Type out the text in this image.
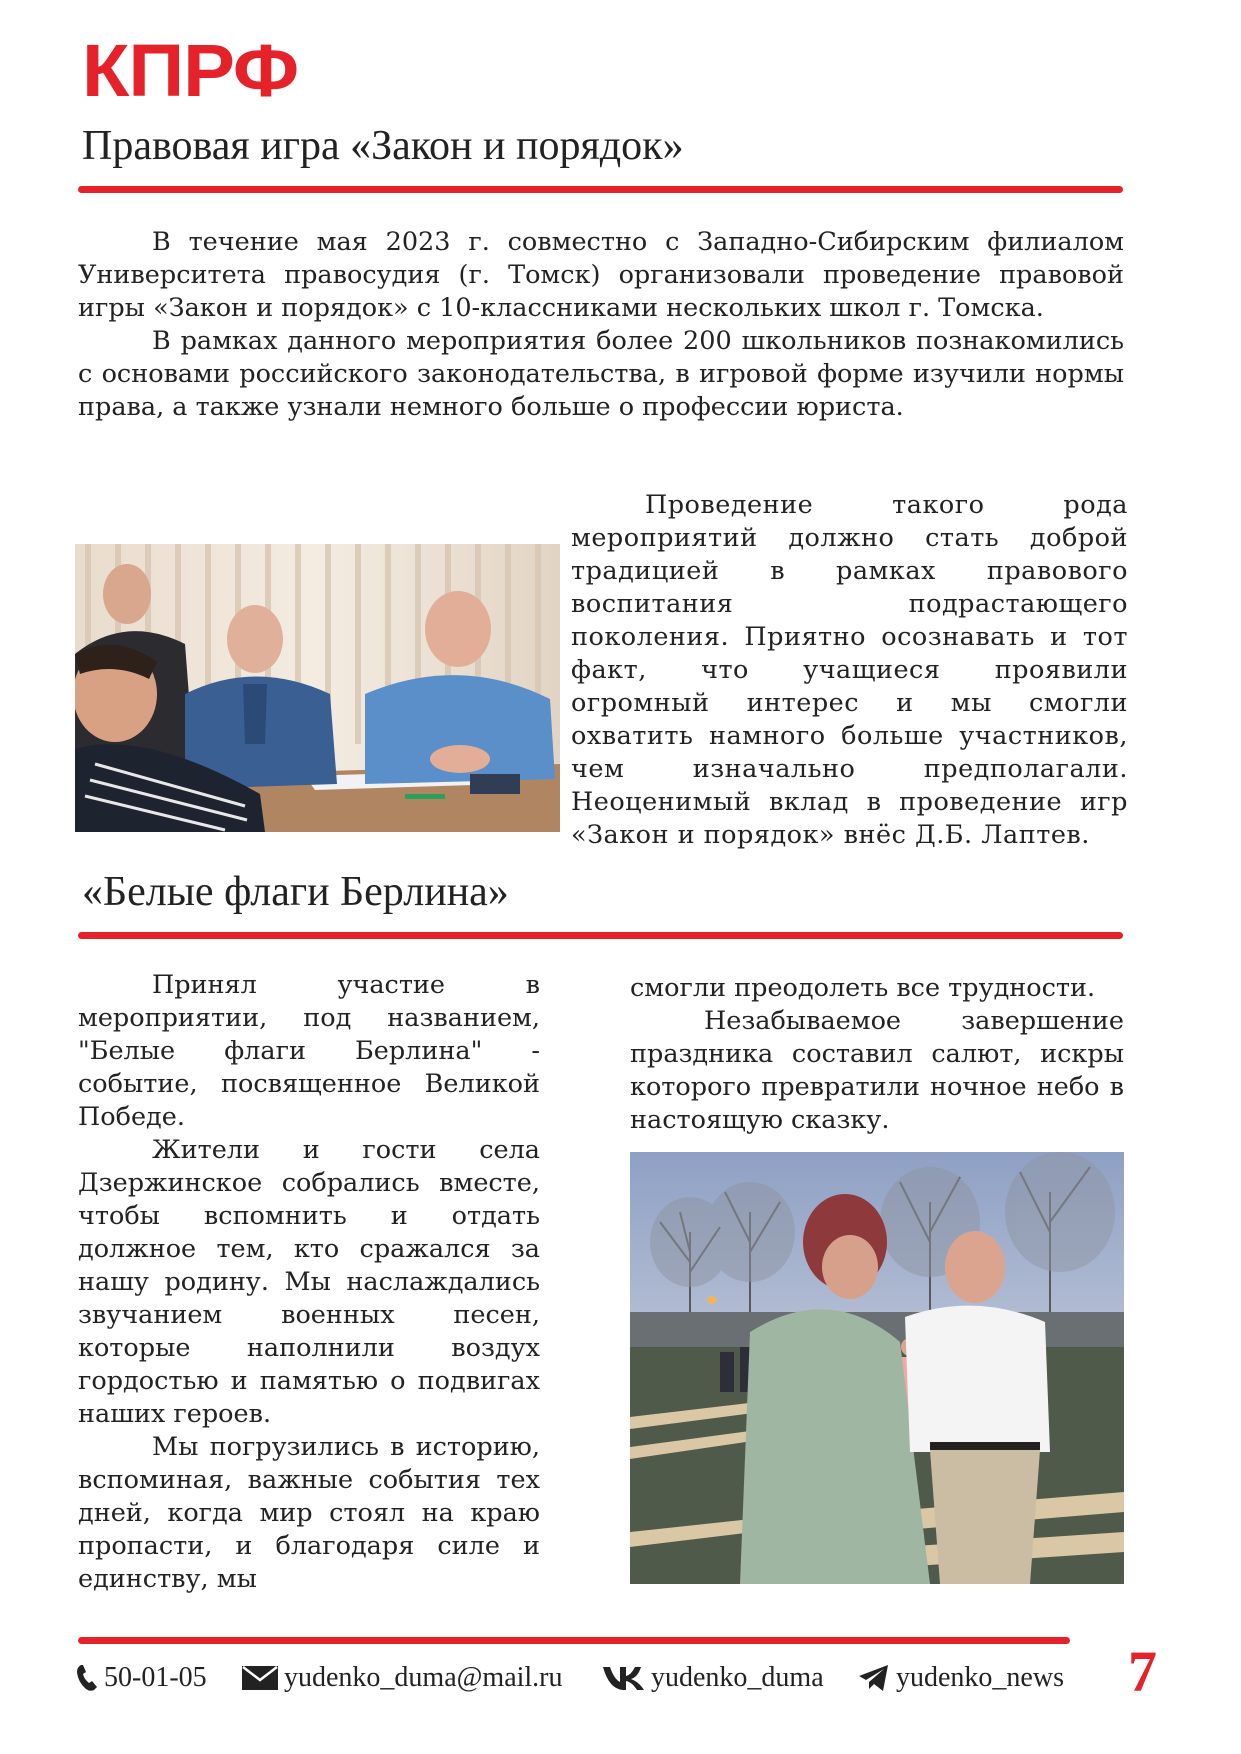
КПРФ
Правовая игра «Закон и порядок»

В течение мая 2023 г. совместно с Западно-Сибирским филиалом Университета правосудия (г. Томск) организовали проведение правовой игры «Закон и порядок» с 10-классниками нескольких школ г. Томска.

В рамках данного мероприятия более 200 школьников познакомились с основами российского законодательства, в игровой форме изучили нормы права, а также узнали немного больше о профессии юриста.

Проведение такого рода мероприятий должно стать доброй традицией в рамках правового воспитания подрастающего поколения. Приятно осознавать и тот факт, что учащиеся проявили огромный интерес и мы смогли охватить намного больше участников, чем изначально предполагали. Неоценимый вклад в проведение игр «Закон и порядок» внёс Д.Б. Лаптев.

«Белые флаги Берлина»

Принял участие в мероприятии, под названием, "Белые флаги Берлина" - событие, посвященное Великой Победе.

Жители и гости села Дзержинское собрались вместе, чтобы вспомнить и отдать должное тем, кто сражался за нашу родину. Мы наслаждались звучанием военных песен, которые наполнили воздух гордостью и памятью о подвигах наших героев.

Мы погрузились в историю, вспоминая, важные события тех дней, когда мир стоял на краю пропасти, и благодаря силе и единству, мы

смогли преодолеть все трудности.

Незабываемое завершение праздника составил салют, искры которого превратили ночное небо в настоящую сказку.

50-01-05	yudenko_duma@mail.ru	yudenko_duma	yudenko_news 7
